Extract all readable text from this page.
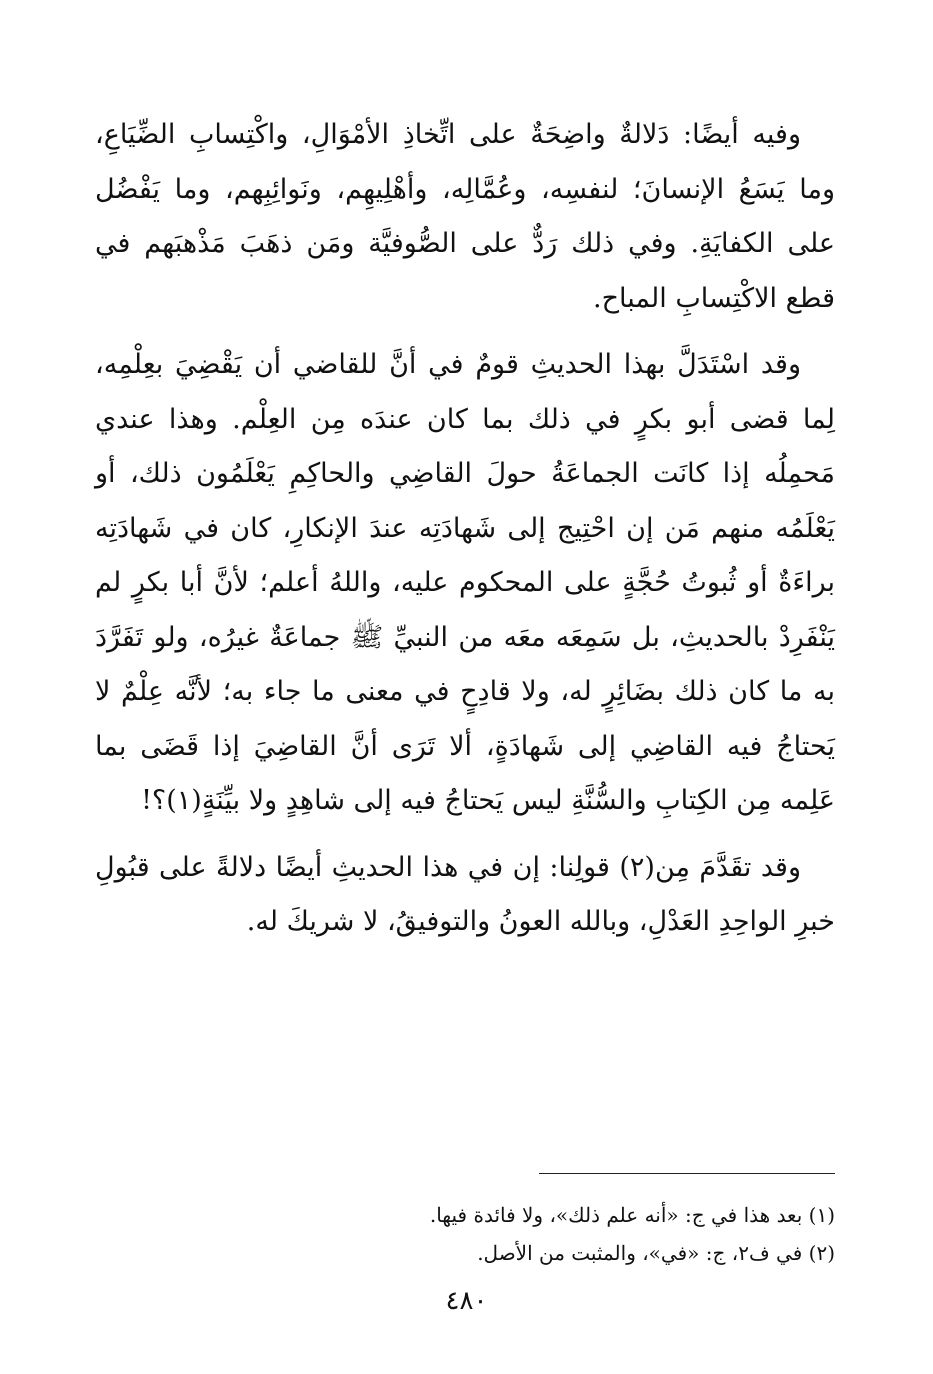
وفيه أيضًا: دَلالةٌ واضِحَةٌ على اتِّخاذِ الأمْوَالِ، واكْتِسابِ الضِّيَاعِ، وما يَسَعُ الإنسانَ؛ لنفسِه، وعُمَّالِه، وأهْلِيهِم، ونَوائِبِهم، وما يَفْضُل على الكفايَةِ. وفي ذلك رَدٌّ على الصُّوفيَّة ومَن ذهَبَ مَذْهبَهم في قطع الاكْتِسابِ المباح.

وقد اسْتَدَلَّ بهذا الحديثِ قومٌ في أنَّ للقاضي أن يَقْضِيَ بعِلْمِه، لِما قضى أبو بكرٍ في ذلك بما كان عندَه مِن العِلْم. وهذا عندي مَحمِلُه إذا كانَت الجماعَةُ حولَ القاضِي والحاكِمِ يَعْلَمُون ذلك، أو يَعْلَمُه منهم مَن إن احْتِيج إلى شَهادَتِه عندَ الإنكارِ، كان في شَهادَتِه براءَةٌ أو ثُبوتُ حُجَّةٍ على المحكوم عليه، واللهُ أعلم؛ لأنَّ أبا بكرٍ لم يَنْفَرِدْ بالحديثِ، بل سَمِعَه معَه من النبيِّ ﷺ جماعَةٌ غيرُه، ولو تَفَرَّدَ به ما كان ذلك بضَائِرٍ له، ولا قادِحٍ في معنى ما جاء به؛ لأنَّه عِلْمٌ لا يَحتاجُ فيه القاضِي إلى شَهادَةٍ، ألا تَرَى أنَّ القاضِيَ إذا قَضَى بما عَلِمه مِن الكِتابِ والسُّنَّةِ ليس يَحتاجُ فيه إلى شاهِدٍ ولا بيِّنَةٍ(١)؟!

وقد تقَدَّمَ مِن(٢) قولِنا: إن في هذا الحديثِ أيضًا دلالةً على قبُولِ خبرِ الواحِدِ العَدْلِ، وبالله العونُ والتوفيقُ، لا شريكَ له.

(١) بعد هذا في ج: «أنه علم ذلك»، ولا فائدة فيها.
(٢) في ف٢، ج: «في»، والمثبت من الأصل.
٤٨٠
